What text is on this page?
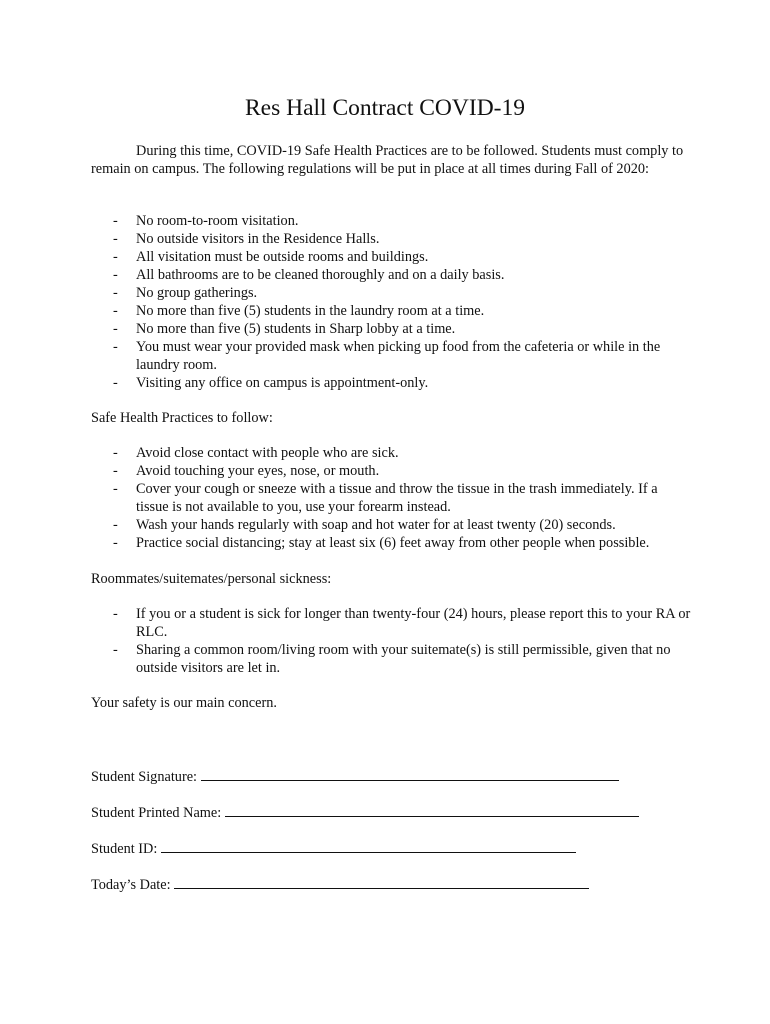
Res Hall Contract COVID-19

During this time, COVID-19 Safe Health Practices are to be followed. Students must comply to remain on campus. The following regulations will be put in place at all times during Fall of 2020:

- No room-to-room visitation.
- No outside visitors in the Residence Halls.
- All visitation must be outside rooms and buildings.
- All bathrooms are to be cleaned thoroughly and on a daily basis.
- No group gatherings.
- No more than five (5) students in the laundry room at a time.
- No more than five (5) students in Sharp lobby at a time.
- You must wear your provided mask when picking up food from the cafeteria or while in the laundry room.
- Visiting any office on campus is appointment-only.

Safe Health Practices to follow:

- Avoid close contact with people who are sick.
- Avoid touching your eyes, nose, or mouth.
- Cover your cough or sneeze with a tissue and throw the tissue in the trash immediately. If a tissue is not available to you, use your forearm instead.
- Wash your hands regularly with soap and hot water for at least twenty (20) seconds.
- Practice social distancing; stay at least six (6) feet away from other people when possible.

Roommates/suitemates/personal sickness:

- If you or a student is sick for longer than twenty-four (24) hours, please report this to your RA or RLC.
- Sharing a common room/living room with your suitemate(s) is still permissible, given that no outside visitors are let in.

Your safety is our main concern.

Student Signature:

Student Printed Name:

Student ID:

Today’s Date:
